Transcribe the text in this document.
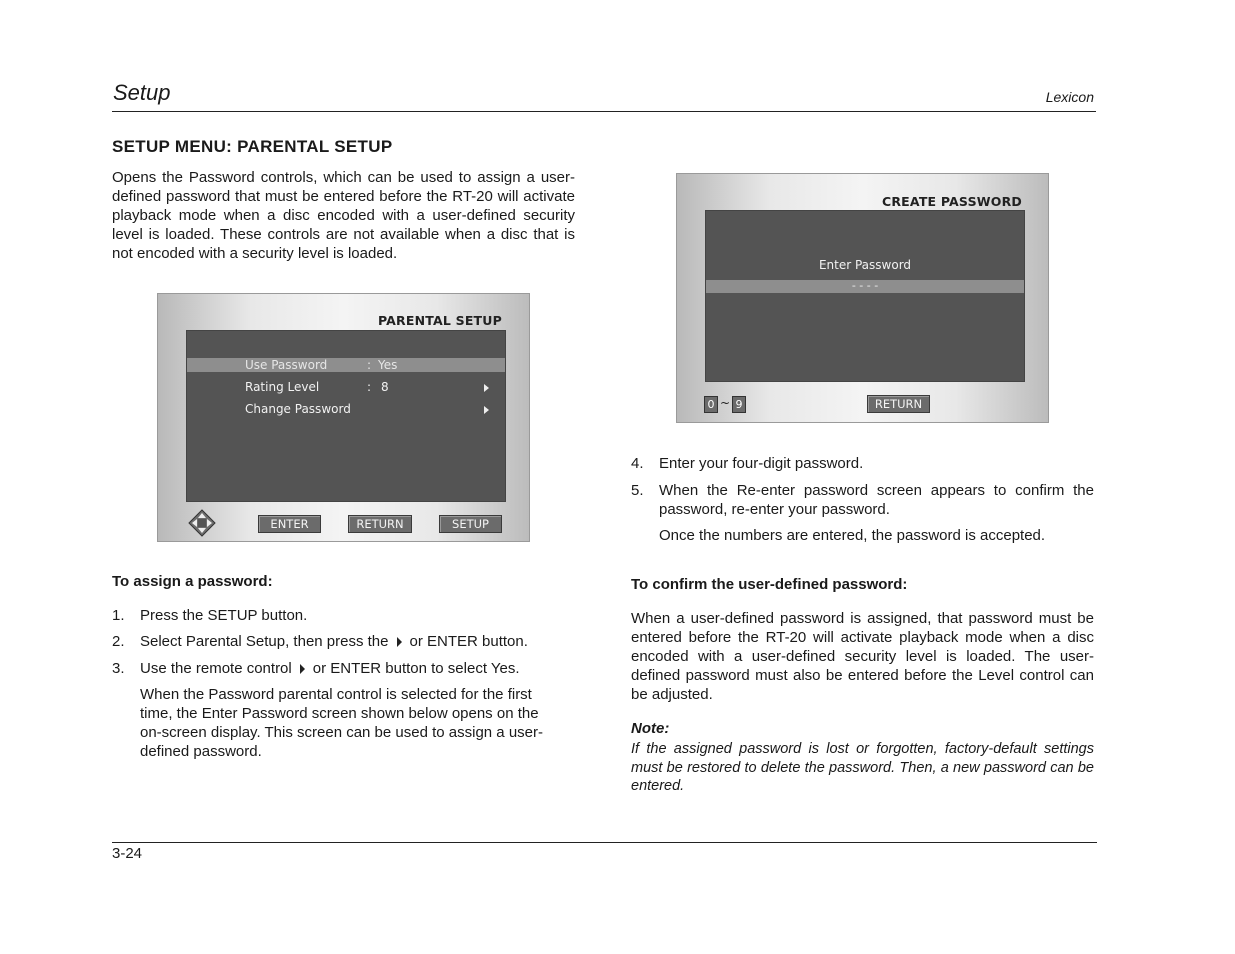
Setup	Lexicon
SETUP MENU: PARENTAL SETUP
Opens the Password controls, which can be used to assign a user-defined password that must be entered before the RT-20 will activate playback mode when a disc encoded with a user-defined security level is loaded. These controls are not available when a disc that is not encoded with a security level is loaded.
PARENTAL SETUP
Use Password	: Yes
Rating Level	: 8
Change Password
ENTER	RETURN	SETUP
CREATE PASSWORD
Enter Password
- - - -
0 ~ 9	RETURN
To assign a password:
1. Press the SETUP button.
2. Select Parental Setup, then press the or ENTER button.
3. Use the remote control or ENTER button to select Yes.
When the Password parental control is selected for the first time, the Enter Password screen shown below opens on the on-screen display. This screen can be used to assign a user-defined password.
4. Enter your four-digit password.
5. When the Re-enter password screen appears to confirm the password, re-enter your password.
Once the numbers are entered, the password is accepted.
To confirm the user-defined password:
When a user-defined password is assigned, that password must be entered before the RT-20 will activate playback mode when a disc encoded with a user-defined security level is loaded. The user-defined password must also be entered before the Level control can be adjusted.
Note:
If the assigned password is lost or forgotten, factory-default settings must be restored to delete the password. Then, a new password can be entered.
3-24
